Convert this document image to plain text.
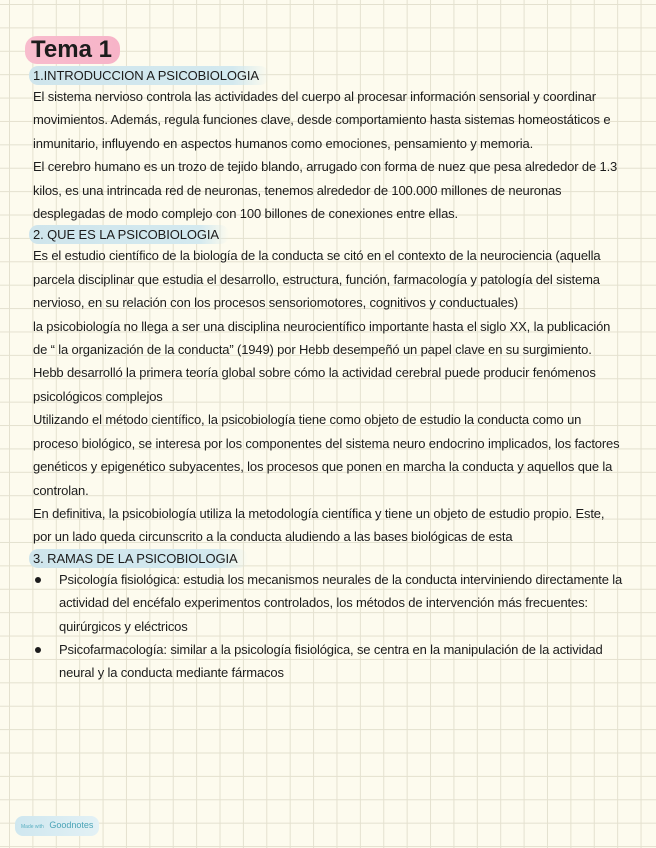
Tema 1
1.INTRODUCCION A PSICOBIOLOGIA

El sistema nervioso controla las actividades del cuerpo al procesar información sensorial y coordinar movimientos. Además, regula funciones clave, desde comportamiento hasta sistemas homeostáticos e inmunitario, influyendo en aspectos humanos como emociones, pensamiento y memoria.

El cerebro humano es un trozo de tejido blando, arrugado con forma de nuez que pesa alrededor de 1.3 kilos, es una intrincada red de neuronas, tenemos alrededor de 100.000 millones de neuronas desplegadas de modo complejo con 100 billones de conexiones entre ellas.

2. QUE ES LA PSICOBIOLOGIA

Es el estudio científico de la biología de la conducta se citó en el contexto de la neurociencia (aquella parcela disciplinar que estudia el desarrollo, estructura, función, farmacología y patología del sistema nervioso, en su relación con los procesos sensoriomotores, cognitivos y conductuales)

la psicobiología no llega a ser una disciplina neurocientífico importante hasta el siglo XX, la publicación de “ la organización de la conducta” (1949) por Hebb desempeñó un papel clave en su surgimiento. Hebb desarrolló la primera teoría global sobre cómo la actividad cerebral puede producir fenómenos psicológicos complejos

Utilizando el método científico, la psicobiología tiene como objeto de estudio la conducta como un proceso biológico, se interesa por los componentes del sistema neuro endocrino implicados, los factores genéticos y epigenético subyacentes, los procesos que ponen en marcha la conducta y aquellos que la controlan.

En definitiva, la psicobiología utiliza la metodología científica y tiene un objeto de estudio propio. Este, por un lado queda circunscrito a la conducta aludiendo a las bases biológicas de esta

3. RAMAS DE LA PSICOBIOLOGIA
Psicología fisiológica: estudia los mecanismos neurales de la conducta interviniendo directamente la actividad del encéfalo experimentos controlados, los métodos de intervención más frecuentes: quirúrgicos y eléctricos
Psicofarmacología: similar a la psicología fisiológica, se centra en la manipulación de la actividad neural y la conducta mediante fármacos
Made with Goodnotes
